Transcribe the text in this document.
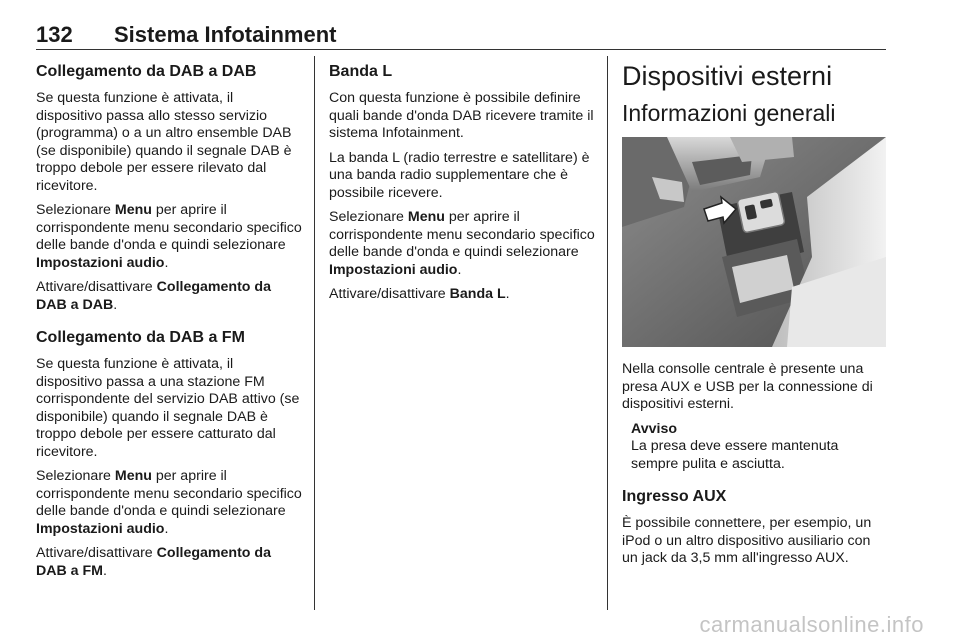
132 Sistema Infotainment
Collegamento da DAB a DAB

Se questa funzione è attivata, il dispositivo passa allo stesso servizio (programma) o a un altro ensemble DAB (se disponibile) quando il segnale DAB è troppo debole per essere rilevato dal ricevitore.

Selezionare Menu per aprire il corrispondente menu secondario specifico delle bande d'onda e quindi selezionare Impostazioni audio.

Attivare/disattivare Collegamento da DAB a DAB.

Collegamento da DAB a FM

Se questa funzione è attivata, il dispositivo passa a una stazione FM corrispondente del servizio DAB attivo (se disponibile) quando il segnale DAB è troppo debole per essere catturato dal ricevitore.

Selezionare Menu per aprire il corrispondente menu secondario specifico delle bande d'onda e quindi selezionare Impostazioni audio.

Attivare/disattivare Collegamento da DAB a FM.

Banda L

Con questa funzione è possibile definire quali bande d'onda DAB ricevere tramite il sistema Infotainment.

La banda L (radio terrestre e satellitare) è una banda radio supplementare che è possibile ricevere.

Selezionare Menu per aprire il corrispondente menu secondario specifico delle bande d'onda e quindi selezionare Impostazioni audio.

Attivare/disattivare Banda L.

Dispositivi esterni
Informazioni generali

Nella consolle centrale è presente una presa AUX e USB per la connessione di dispositivi esterni.

Avviso

La presa deve essere mantenuta sempre pulita e asciutta.

Ingresso AUX

È possibile connettere, per esempio, un iPod o un altro dispositivo ausiliario con un jack da 3,5 mm all'ingresso AUX.

carmanualsonline.info
